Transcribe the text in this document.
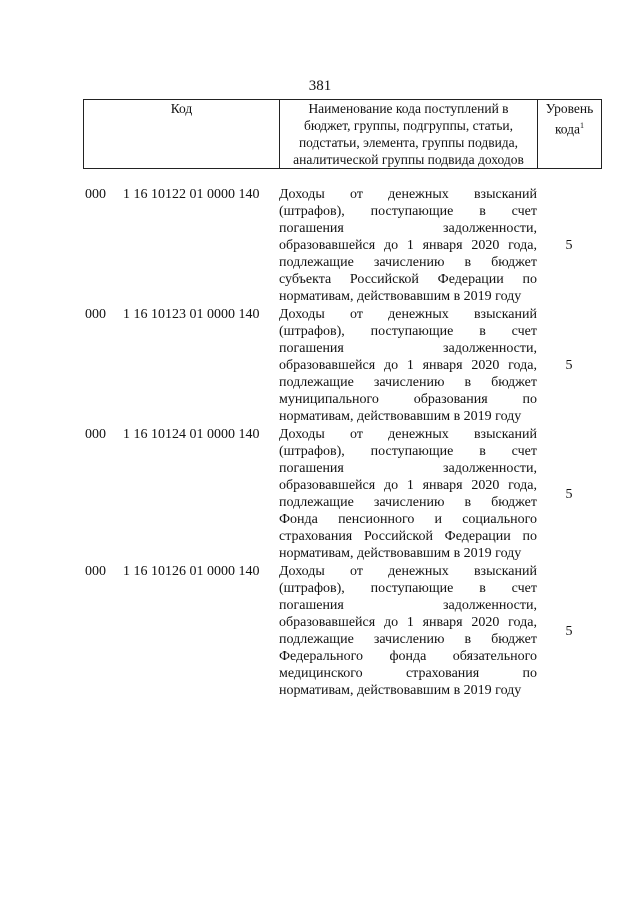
381
Код	Наименование кода поступлений в
бюджет, группы, подгруппы, статьи,
подстатьи, элемента, группы подвида,
аналитической группы подвида доходов

Уровень
кода$^1$
000	1 16 10122 01 0000 140	Доходы от денежных взысканий
(штрафов), поступающие в счет
погашения задолженности,
образовавшейся до 1 января 2020 года,
подлежащие зачислению в бюджет
субъекта Российской Федерации по
нормативам, действовавшим в 2019 году
5
000	1 16 10123 01 0000 140	Доходы от денежных взысканий
(штрафов), поступающие в счет
погашения задолженности,
образовавшейся до 1 января 2020 года,
подлежащие зачислению в бюджет
муниципального образования по
нормативам, действовавшим в 2019 году
5
000	1 16 10124 01 0000 140	Доходы от денежных взысканий
(штрафов), поступающие в счет
погашения задолженности,
образовавшейся до 1 января 2020 года,
подлежащие зачислению в бюджет
Фонда пенсионного и социального
страхования Российской Федерации по
нормативам, действовавшим в 2019 году
5
000	1 16 10126 01 0000 140	Доходы от денежных взысканий
(штрафов), поступающие в счет
погашения задолженности,
образовавшейся до 1 января 2020 года,
подлежащие зачислению в бюджет
Федерального фонда обязательного
медицинского страхования по
нормативам, действовавшим в 2019 году
5
